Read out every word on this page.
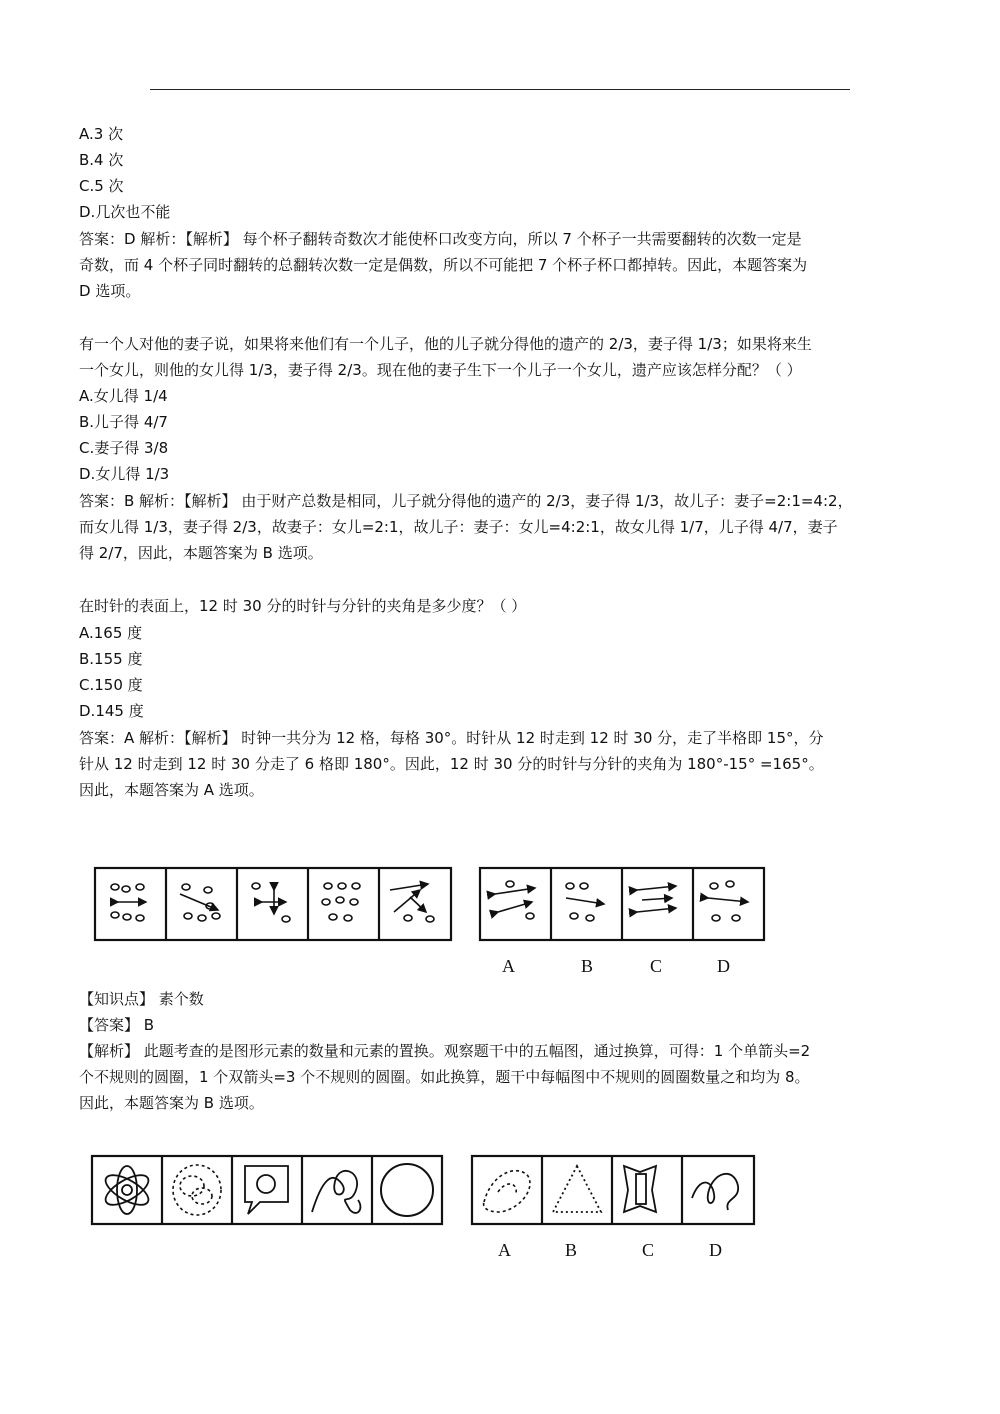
A.3 次
B.4 次
C.5 次
D.几次也不能
答案：D 解析：【解析】 每个杯子翻转奇数次才能使杯口改变方向，所以 7 个杯子一共需要翻转的次数一定是
奇数，而 4 个杯子同时翻转的总翻转次数一定是偶数，所以不可能把 7 个杯子杯口都掉转。因此，本题答案为
D 选项。
有一个人对他的妻子说，如果将来他们有一个儿子，他的儿子就分得他的遗产的 2/3，妻子得 1/3；如果将来生
一个女儿，则他的女儿得 1/3，妻子得 2/3。现在他的妻子生下一个儿子一个女儿，遗产应该怎样分配？（ ）
A.女儿得 1/4
B.儿子得 4/7
C.妻子得 3/8
D.女儿得 1/3
答案：B 解析：【解析】 由于财产总数是相同，儿子就分得他的遗产的 2/3，妻子得 1/3，故儿子：妻子=2:1=4:2，
而女儿得 1/3，妻子得 2/3，故妻子：女儿=2:1，故儿子：妻子：女儿=4:2:1，故女儿得 1/7，儿子得 4/7，妻子
得 2/7，因此，本题答案为 B 选项。
在时针的表面上，12 时 30 分的时针与分针的夹角是多少度？（ ）
A.165 度
B.155 度
C.150 度
D.145 度
答案：A 解析：【解析】 时钟一共分为 12 格，每格 30°。时针从 12 时走到 12 时 30 分，走了半格即 15°，分
针从 12 时走到 12 时 30 分走了 6 格即 180°。因此，12 时 30 分的时针与分针的夹角为 180°-15° =165°。
因此，本题答案为 A 选项。
A	B	C	D
【知识点】 素个数
【答案】 B
【解析】 此题考查的是图形元素的数量和元素的置换。观察题干中的五幅图，通过换算，可得：1 个单箭头=2
个不规则的圆圈，1 个双箭头=3 个不规则的圆圈。如此换算，题干中每幅图中不规则的圆圈数量之和均为 8。
因此，本题答案为 B 选项。
A	B	C	D
